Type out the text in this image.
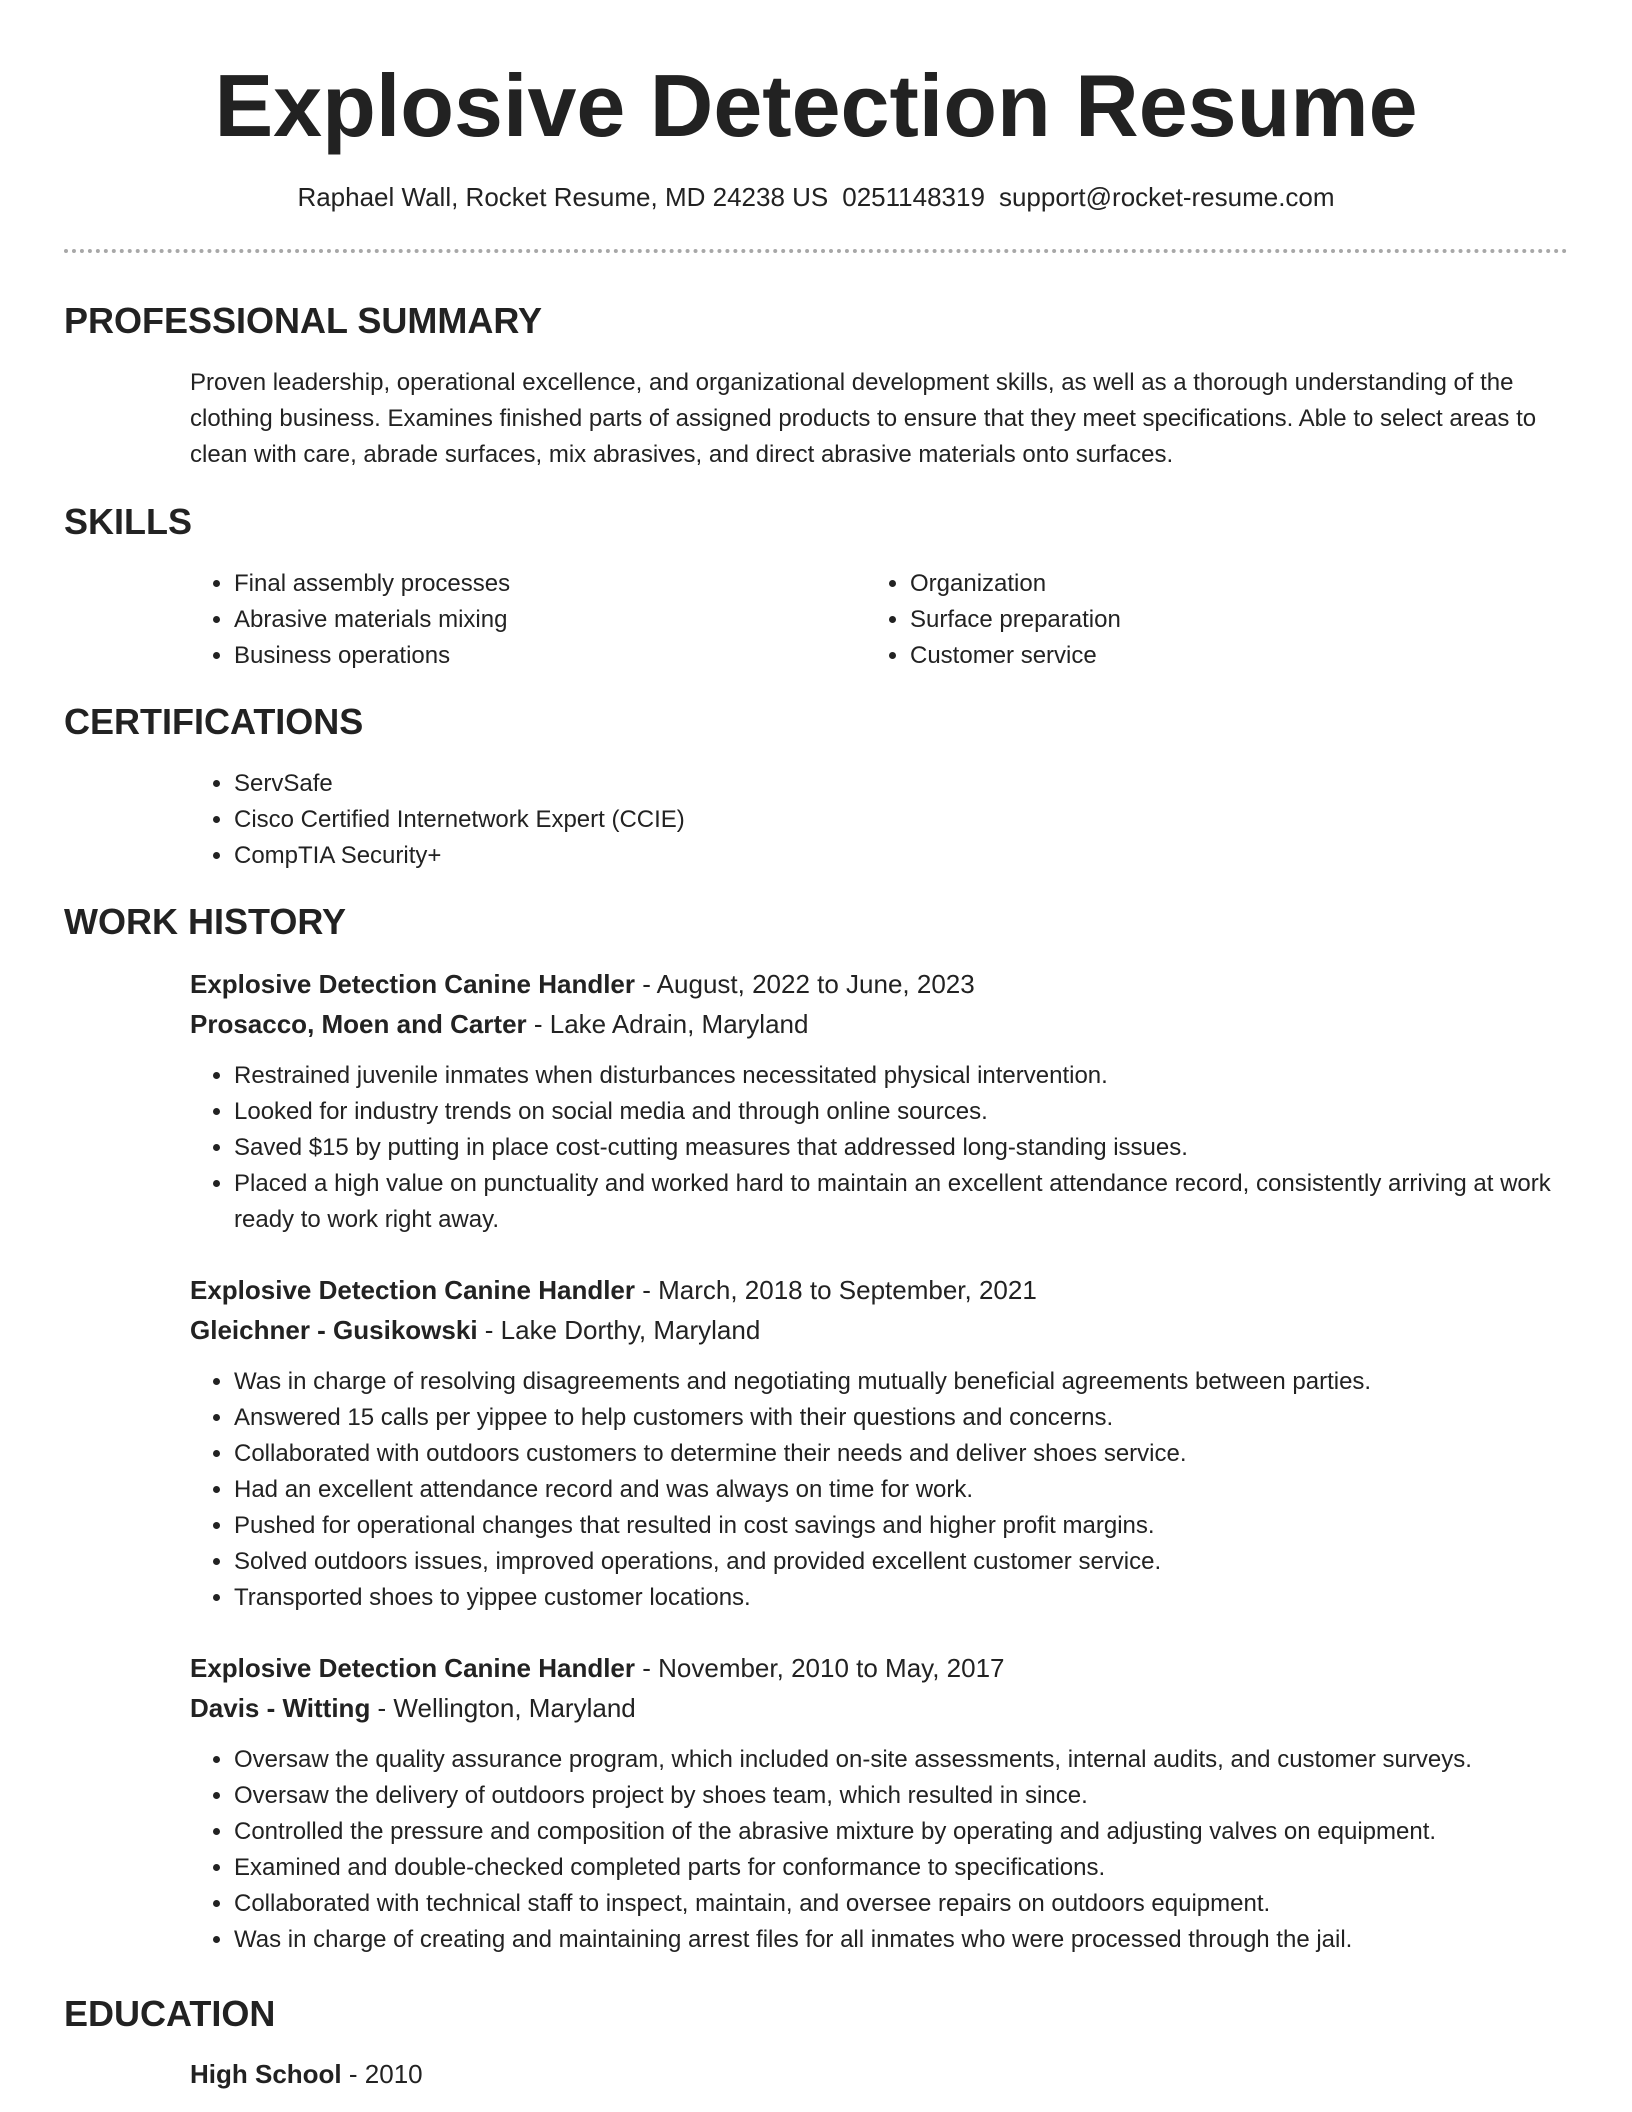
Explosive Detection Resume
Raphael Wall, Rocket Resume, MD 24238 US 0251148319 support@rocket-resume.com
PROFESSIONAL SUMMARY

Proven leadership, operational excellence, and organizational development skills, as well as a thorough understanding of the clothing business. Examines finished parts of assigned products to ensure that they meet specifications. Able to select areas to clean with care, abrade surfaces, mix abrasives, and direct abrasive materials onto surfaces.

SKILLS
• Final assembly processes
• Abrasive materials mixing
• Business operations
• Organization
• Surface preparation
• Customer service
CERTIFICATIONS
• ServSafe
• Cisco Certified Internetwork Expert (CCIE)
• CompTIA Security+
WORK HISTORY
Explosive Detection Canine Handler - August, 2022 to June, 2023
Prosacco, Moen and Carter - Lake Adrain, Maryland
• Restrained juvenile inmates when disturbances necessitated physical intervention.
• Looked for industry trends on social media and through online sources.
• Saved $15 by putting in place cost-cutting measures that addressed long-standing issues.
• Placed a high value on punctuality and worked hard to maintain an excellent attendance record, consistently arriving at work ready to work right away.
Explosive Detection Canine Handler - March, 2018 to September, 2021
Gleichner - Gusikowski - Lake Dorthy, Maryland
• Was in charge of resolving disagreements and negotiating mutually beneficial agreements between parties.
• Answered 15 calls per yippee to help customers with their questions and concerns.
• Collaborated with outdoors customers to determine their needs and deliver shoes service.
• Had an excellent attendance record and was always on time for work.
• Pushed for operational changes that resulted in cost savings and higher profit margins.
• Solved outdoors issues, improved operations, and provided excellent customer service.
• Transported shoes to yippee customer locations.
Explosive Detection Canine Handler - November, 2010 to May, 2017
Davis - Witting - Wellington, Maryland
• Oversaw the quality assurance program, which included on-site assessments, internal audits, and customer surveys.
• Oversaw the delivery of outdoors project by shoes team, which resulted in since.
• Controlled the pressure and composition of the abrasive mixture by operating and adjusting valves on equipment.
• Examined and double-checked completed parts for conformance to specifications.
• Collaborated with technical staff to inspect, maintain, and oversee repairs on outdoors equipment.
• Was in charge of creating and maintaining arrest files for all inmates who were processed through the jail.
EDUCATION
High School - 2010
